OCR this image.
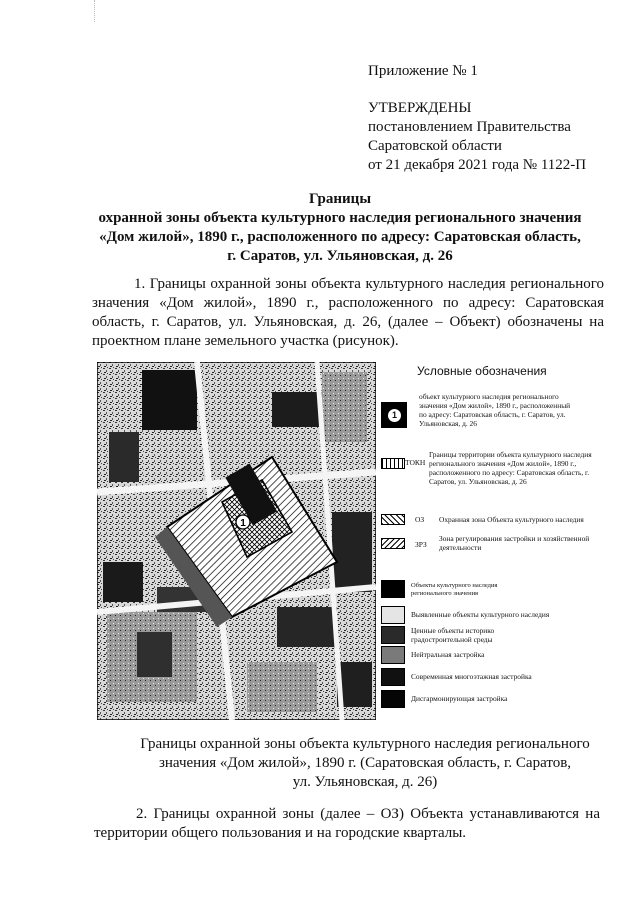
Приложение № 1
УТВЕРЖДЕНЫ
постановлением Правительства
Саратовской области
от 21 декабря 2021 года № 1122-П
Границы
охранной зоны объекта культурного наследия регионального значения
«Дом жилой», 1890 г., расположенного по адресу: Саратовская область,
г. Саратов, ул. Ульяновская, д. 26

1. Границы охранной зоны объекта культурного наследия регионального значения «Дом жилой», 1890 г., расположенного по адресу: Саратовская область, г. Саратов, ул. Ульяновская, д. 26, (далее – Объект) обозначены на проектном плане земельного участка (рисунок).

1
Условные обозначения
1
объект культурного наследия регионального значения «Дом жилой», 1890 г., расположенный по адресу: Саратовская область, г. Саратов, ул. Ульяновская, д. 26
ТОКН
Границы территории объекта культурного наследия регионального значения «Дом жилой», 1890 г., расположенного по адресу: Саратовская область, г. Саратов, ул. Ульяновская, д. 26
ОЗ Охранная зона Объекта культурного наследия
ЗРЗ
Зона регулирования застройки и хозяйственной деятельности
Объекты культурного наследия регионального значения
Выявленные объекты культурного наследия
Ценные объекты историко градостроительной среды
Нейтральная застройка
Современная многоэтажная застройка
Дисгармонирующая застройка
Границы охранной зоны объекта культурного наследия регионального
значения «Дом жилой», 1890 г. (Саратовская область, г. Саратов,
ул. Ульяновская, д. 26)

2. Границы охранной зоны (далее – ОЗ) Объекта устанавливаются на территории общего пользования и на городские кварталы.
